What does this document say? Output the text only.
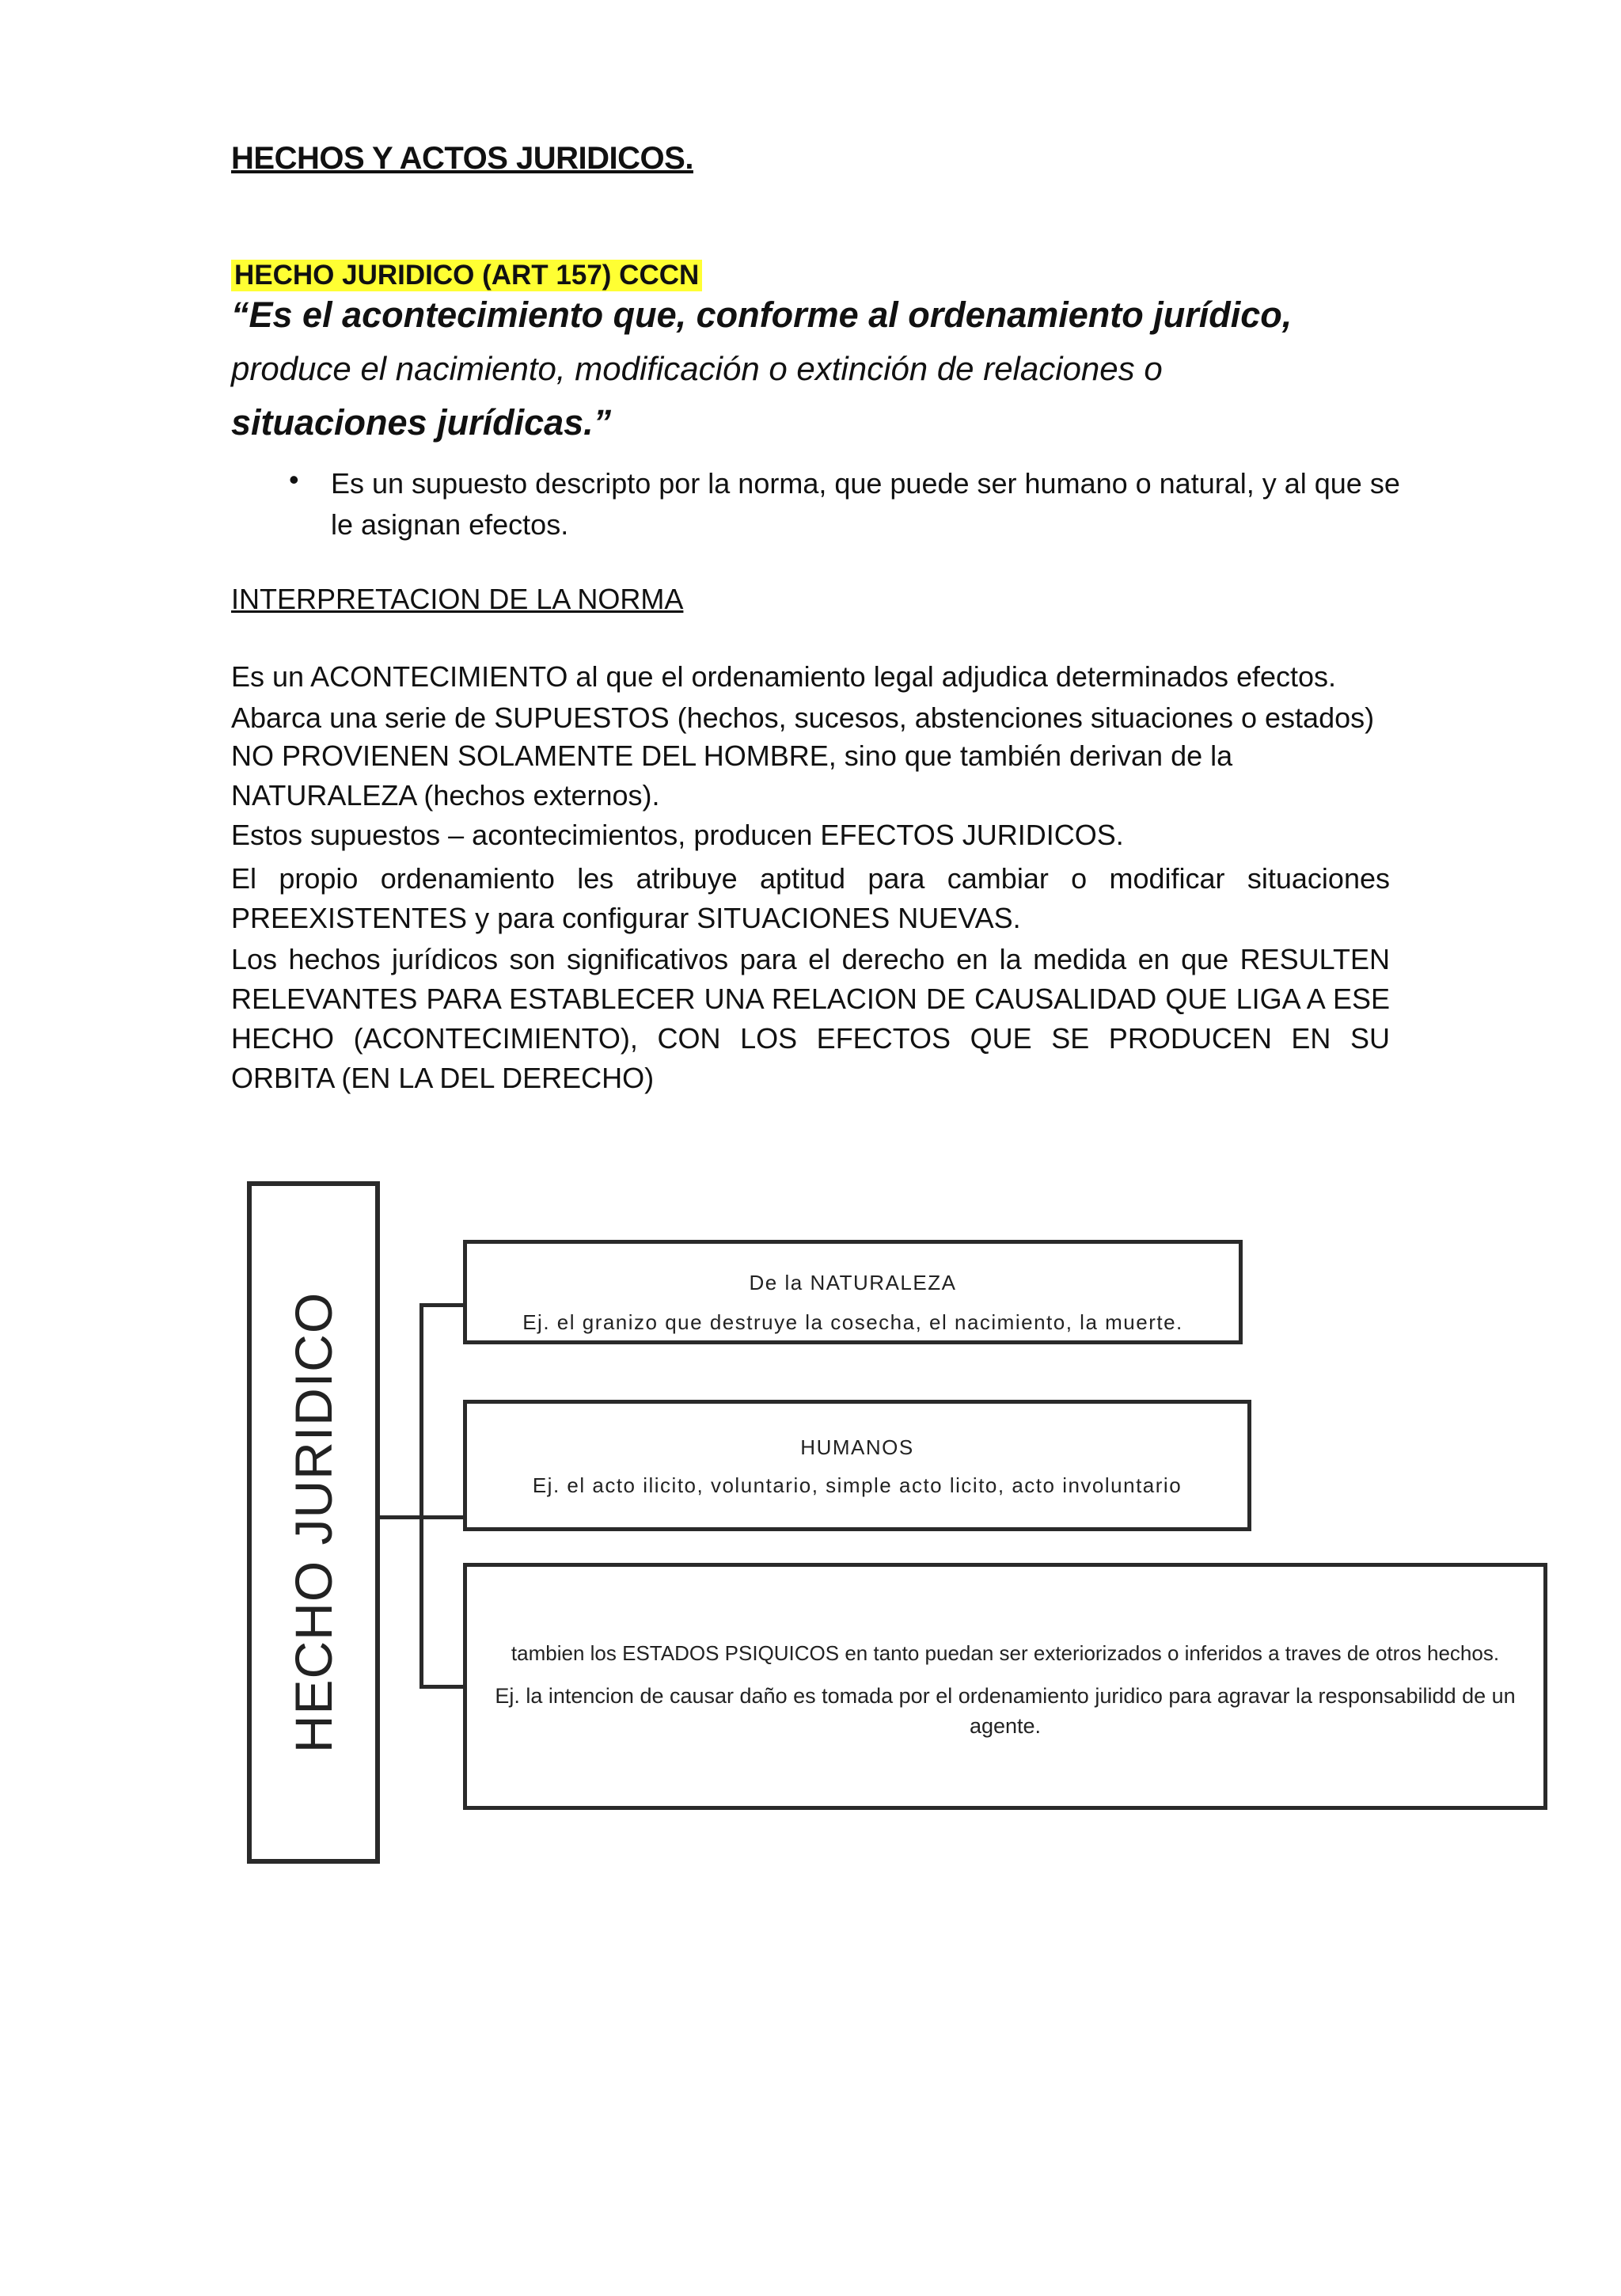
HECHOS Y ACTOS JURIDICOS.
HECHO JURIDICO (ART 157) CCCN
“Es el acontecimiento que, conforme al ordenamiento jurídico,
produce el nacimiento, modificación o extinción de relaciones o
situaciones jurídicas.”
• Es un supuesto descripto por la norma, que puede ser humano o natural, y al que se le asignan efectos.
INTERPRETACION DE LA NORMA
Es un ACONTECIMIENTO al que el ordenamiento legal adjudica determinados efectos.
Abarca una serie de SUPUESTOS (hechos, sucesos, abstenciones situaciones o estados)
NO PROVIENEN SOLAMENTE DEL HOMBRE, sino que también derivan de la NATURALEZA (hechos externos).
Estos supuestos – acontecimientos, producen EFECTOS JURIDICOS.
El propio ordenamiento les atribuye aptitud para cambiar o modificar situaciones PREEXISTENTES y para configurar SITUACIONES NUEVAS.
Los hechos jurídicos son significativos para el derecho en la medida en que RESULTEN RELEVANTES PARA ESTABLECER UNA RELACION DE CAUSALIDAD QUE LIGA A ESE HECHO (ACONTECIMIENTO), CON LOS EFECTOS QUE SE PRODUCEN EN SU ORBITA (EN LA DEL DERECHO)
HECHO JURIDICO
De la NATURALEZA
Ej. el granizo que destruye la cosecha, el nacimiento, la muerte.
HUMANOS
Ej. el acto ilicito, voluntario, simple acto licito, acto involuntario
tambien los ESTADOS PSIQUICOS en tanto puedan ser exteriorizados o inferidos a traves de otros hechos.
Ej. la intencion de causar daño es tomada por el ordenamiento juridico para agravar la responsabilidd de un agente.
